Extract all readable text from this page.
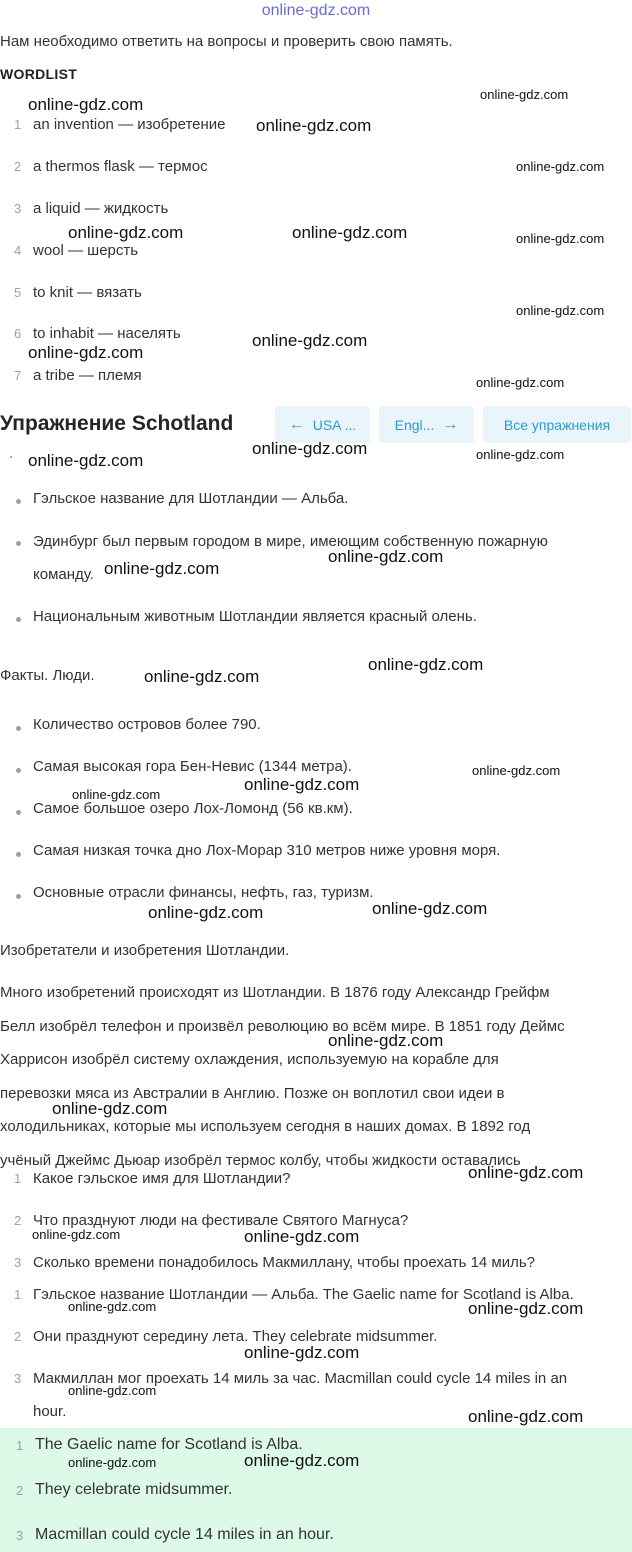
online-gdz.com
Нам необходимо ответить на вопросы и проверить свою память.
WORDLIST
1 an invention — изобретение
2 a thermos flask — термос
3 a liquid — жидкость
4 wool — шерсть
5 to knit — вязать
6 to inhabit — населять
7 a tribe — племя
Упражнение Schotland	← USA ...	Engl... →	Все упражнения
Гэльское название для Шотландии — Альба.
Эдинбург был первым городом в мире, имеющим собственную пожарную
команду.
Национальным животным Шотландии является красный олень.
Факты. Люди.
Количество островов более 790.
Самая высокая гора Бен-Невис (1344 метра).
Самое большое озеро Лох-Ломонд (56 кв.км).
Самая низкая точка дно Лох-Морар 310 метров ниже уровня моря.
Основные отрасли финансы, нефть, газ, туризм.
Изобретатели и изобретения Шотландии.
Много изобретений происходят из Шотландии. В 1876 году Александр Грейфм
Белл изобрёл телефон и произвёл революцию во всём мире. В 1851 году Деймс
Харрисон изобрёл систему охлаждения, используемую на корабле для
перевозки мяса из Австралии в Англию. Позже он воплотил свои идеи в
холодильниках, которые мы используем сегодня в наших домах. В 1892 год
учёный Джеймс Дьюар изобрёл термос колбу, чтобы жидкости оставались
1 Какое гэльское имя для Шотландии?
2 Что празднуют люди на фестивале Святого Магнуса?
3 Сколько времени понадобилось Макмиллану, чтобы проехать 14 миль?
1 Гэльское название Шотландии — Альба. The Gaelic name for Scotland is Alba.
2 Они празднуют середину лета. They celebrate midsummer.
3 Макмиллан мог проехать 14 миль за час. Macmillan could cycle 14 miles in an
hour.
1 The Gaelic name for Scotland is Alba.
2 They celebrate midsummer.
3 Macmillan could cycle 14 miles in an hour.
online-gdz.com
online-gdz.com
online-gdz.com
online-gdz.com
online-gdz.com	online-gdz.com	online-gdz.com
online-gdz.com
online-gdz.com
online-gdz.com
online-gdz.com
online-gdz.com	online-gdz.com
online-gdz.com
online-gdz.com
online-gdz.com
online-gdz.com
online-gdz.com
online-gdz.com
online-gdz.com
online-gdz.com
online-gdz.com
online-gdz.com
online-gdz.com
online-gdz.com
online-gdz.com
online-gdz.com	online-gdz.com
online-gdz.com	online-gdz.com
online-gdz.com
online-gdz.com
online-gdz.com
online-gdz.com	online-gdz.com
